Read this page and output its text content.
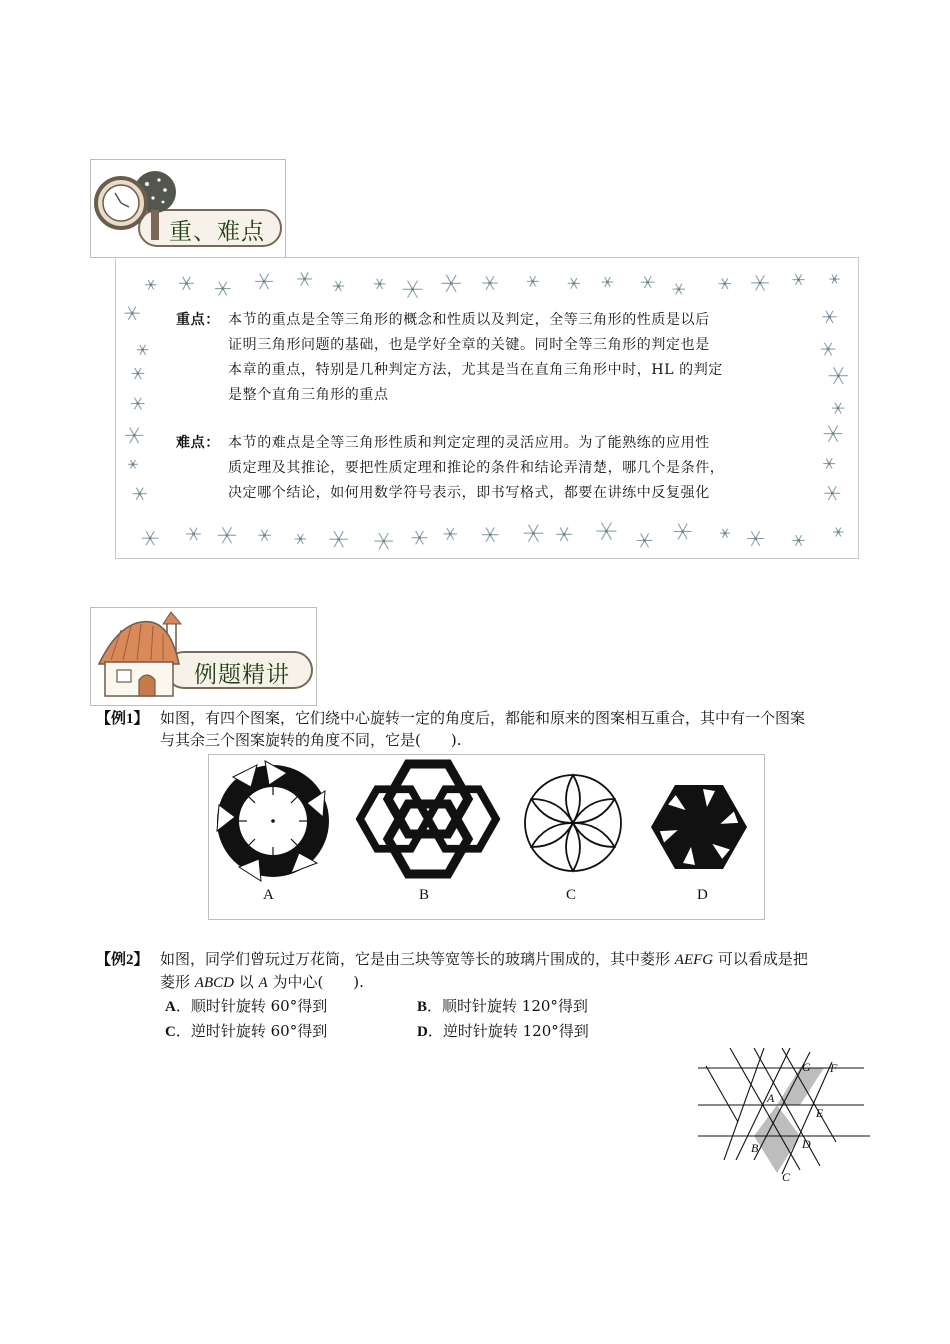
重、难点
重点： 本节的重点是全等三角形的概念和性质以及判定，全等三角形的性质是以后
证明三角形问题的基础，也是学好全章的关键。同时全等三角形的判定也是
本章的重点，特别是几种判定方法，尤其是当在直角三角形中时，HL 的判定
是整个直角三角形的重点
难点： 本节的难点是全等三角形性质和判定定理的灵活应用。为了能熟练的应用性
质定理及其推论，要把性质定理和推论的条件和结论弄清楚，哪几个是条件，
决定哪个结论，如何用数学符号表示，即书写格式，都要在讲练中反复强化
例题精讲
【例1】 如图，有四个图案，它们绕中心旋转一定的角度后，都能和原来的图案相互重合，其中有一个图案
与其余三个图案旋转的角度不同，它是(　　).
A	B	C	D
【例2】 如图，同学们曾玩过万花筒，它是由三块等宽等长的玻璃片围成的，其中菱形 AEFG 可以看成是把
菱形 ABCD 以 A 为中心(　　).
A．顺时针旋转 60°得到	B．顺时针旋转 120°得到
C．逆时针旋转 60°得到	D．逆时针旋转 120°得到
G F
A
E
B	D
C
